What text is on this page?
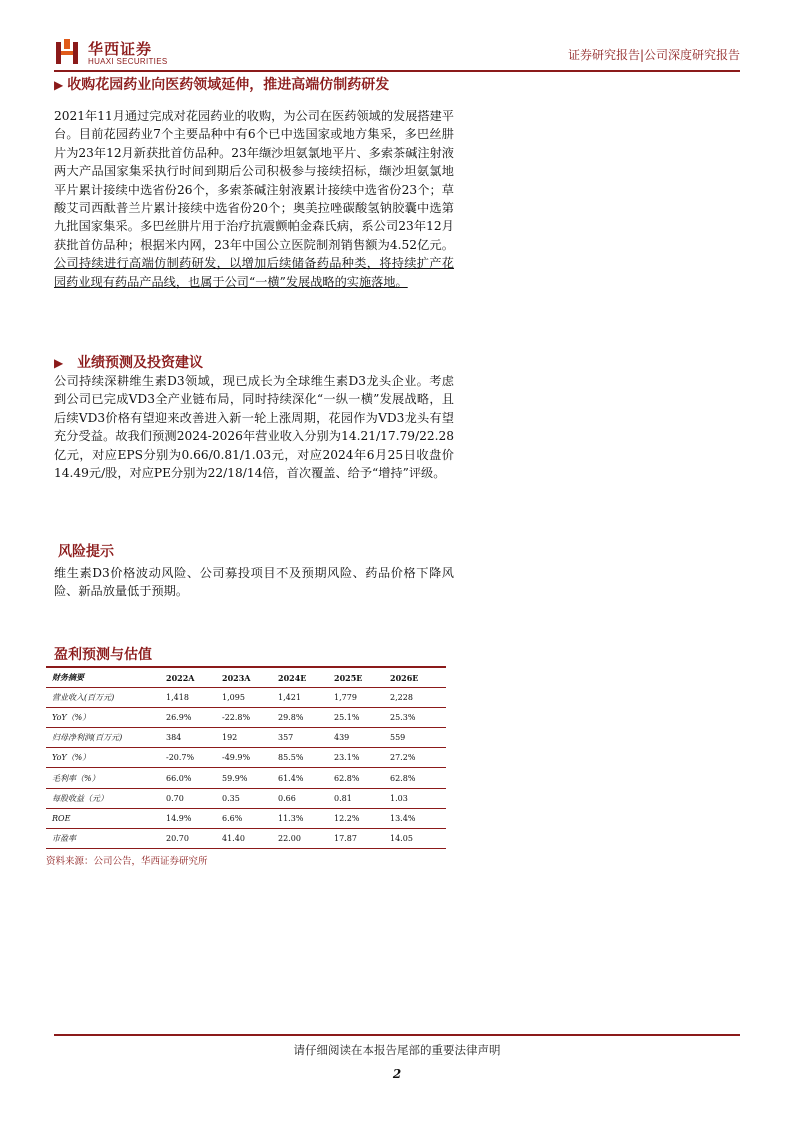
华西证券
HUAXI SECURITIES	证券研究报告|公司深度研究报告
▶ 收购花园药业向医药领域延伸，推进高端仿制药研发
2021年11月通过完成对花园药业的收购，为公司在医药领域的发展搭建平台。目前花园药业7个主要品种中有6个已中选国家或地方集采，多巴丝肼片为23年12月新获批首仿品种。23年缬沙坦氨氯地平片、多索茶碱注射液两大产品国家集采执行时间到期后公司积极参与接续招标，缬沙坦氨氯地平片累计接续中选省份26个，多索茶碱注射液累计接续中选省份23个；草酸艾司西酞普兰片累计接续中选省份20个；奥美拉唑碳酸氢钠胶囊中选第九批国家集采。多巴丝肼片用于治疗抗震颤帕金森氏病，系公司23年12月获批首仿品种；根据米内网，23年中国公立医院制剂销售额为4.52亿元。公司持续进行高端仿制药研发，以增加后续储备药品种类，将持续扩产花园药业现有药品产品线，也属于公司“一横”发展战略的实施落地。
▶ 业绩预测及投资建议
公司持续深耕维生素D3领域，现已成长为全球维生素D3龙头企业。考虑到公司已完成VD3全产业链布局，同时持续深化“一纵一横”发展战略，且后续VD3价格有望迎来改善进入新一轮上涨周期，花园作为VD3龙头有望充分受益。故我们预测2024-2026年营业收入分别为14.21/17.79/22.28亿元，对应EPS分别为0.66/0.81/1.03元，对应2024年6月25日收盘价14.49元/股，对应PE分别为22/18/14倍，首次覆盖、给予“增持”评级。
风险提示
维生素D3价格波动风险、公司募投项目不及预期风险、药品价格下降风险、新品放量低于预期。
盈利预测与估值
财务摘要	2022A	2023A	2024E	2025E	2026E
营业收入(百万元)	1,418	1,095	1,421	1,779	2,228
YoY（%）	26.9%	-22.8%	29.8%	25.1%	25.3%
归母净利润(百万元)	384	192	357	439	559
YoY（%）	-20.7%	-49.9%	85.5%	23.1%	27.2%
毛利率（%）	66.0%	59.9%	61.4%	62.8%	62.8%
每股收益（元）	0.70	0.35	0.66	0.81	1.03
ROE	14.9%	6.6%	11.3%	12.2%	13.4%
市盈率	20.70	41.40	22.00	17.87	14.05
资料来源：公司公告，华西证券研究所
请仔细阅读在本报告尾部的重要法律声明
2
